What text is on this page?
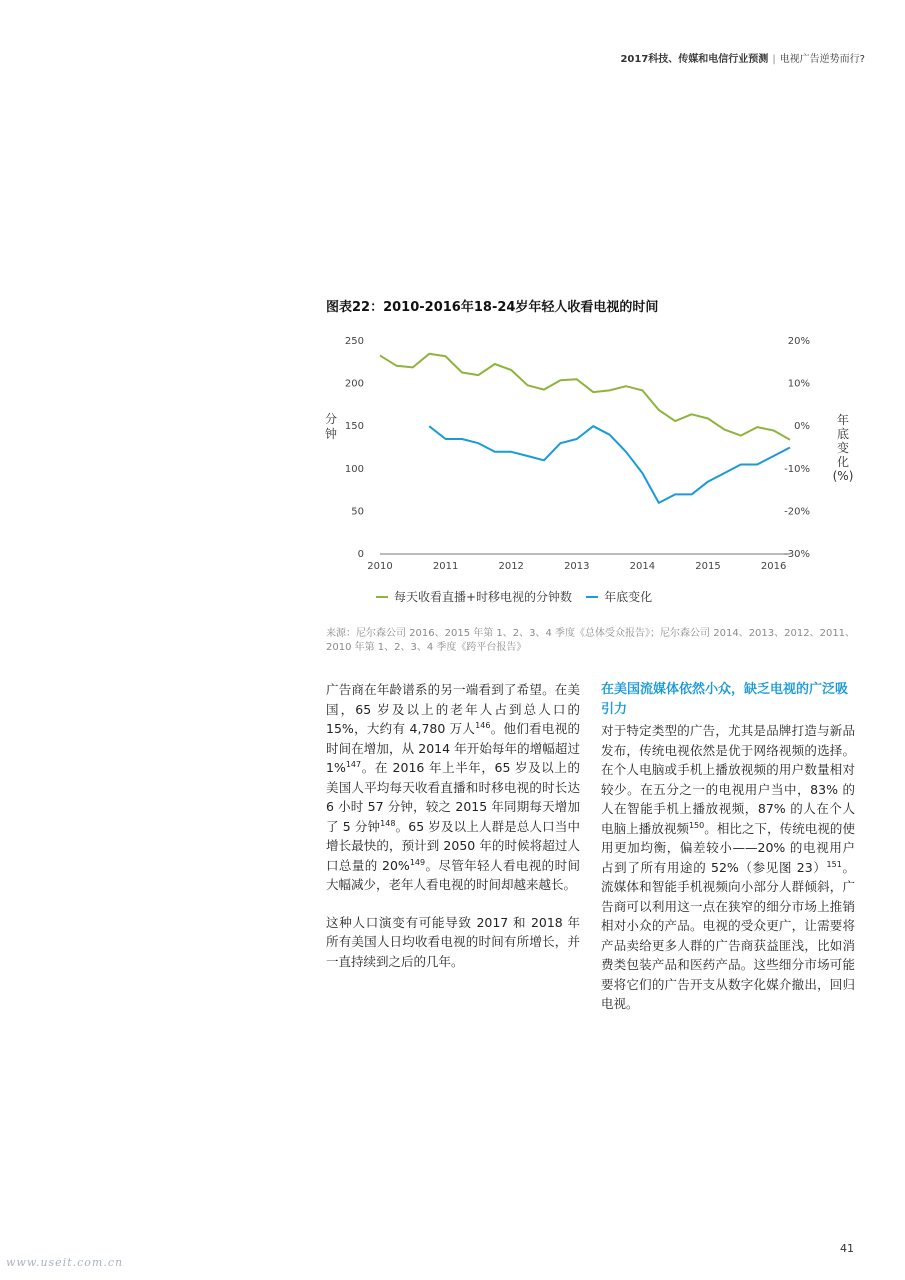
2017科技、传媒和电信行业预测 | 电视广告逆势而行?
图表22：2010-2016年18-24岁年轻人收看电视的时间
0
50
100
150
200
250
-30%
-20%
-10%
0%
10%
20%
2010	2011	2012	2013	2014	2015	2016
分
钟
年
底
变
化
(%)
每天收看直播+时移电视的分钟数	年底变化
来源：尼尔森公司 2016、2015 年第 1、2、3、4 季度《总体受众报告》；尼尔森公司 2014、2013、2012、2011、2010 年第 1、2、3、4 季度《跨平台报告》

广告商在年龄谱系的另一端看到了希望。在美国，65 岁及以上的老年人占到总人口的 15%，大约有 4,780 万人$^{146}$。他们看电视的时间在增加，从 2014 年开始每年的增幅超过 1%$^{147}$。在 2016 年上半年，65 岁及以上的美国人平均每天收看直播和时移电视的时长达 6 小时 57 分钟，较之 2015 年同期每天增加了 5 分钟$^{148}$。65 岁及以上人群是总人口当中增长最快的，预计到 2050 年的时候将超过人口总量的 20%$^{149}$。尽管年轻人看电视的时间大幅减少，老年人看电视的时间却越来越长。

这种人口演变有可能导致 2017 和 2018 年所有美国人日均收看电视的时间有所增长，并一直持续到之后的几年。

在美国流媒体依然小众，缺乏电视的广泛吸引力

对于特定类型的广告，尤其是品牌打造与新品发布，传统电视依然是优于网络视频的选择。在个人电脑或手机上播放视频的用户数量相对较少。在五分之一的电视用户当中，83% 的人在智能手机上播放视频，87% 的人在个人电脑上播放视频$^{150}$。相比之下，传统电视的使用更加均衡，偏差较小——20% 的电视用户占到了所有用途的 52%（参见图 23）$^{151}$。流媒体和智能手机视频向小部分人群倾斜，广告商可以利用这一点在狭窄的细分市场上推销相对小众的产品。电视的受众更广，让需要将产品卖给更多人群的广告商获益匪浅，比如消费类包装产品和医药产品。这些细分市场可能要将它们的广告开支从数字化媒介撤出，回归电视。

41
www.useit.com.cn
